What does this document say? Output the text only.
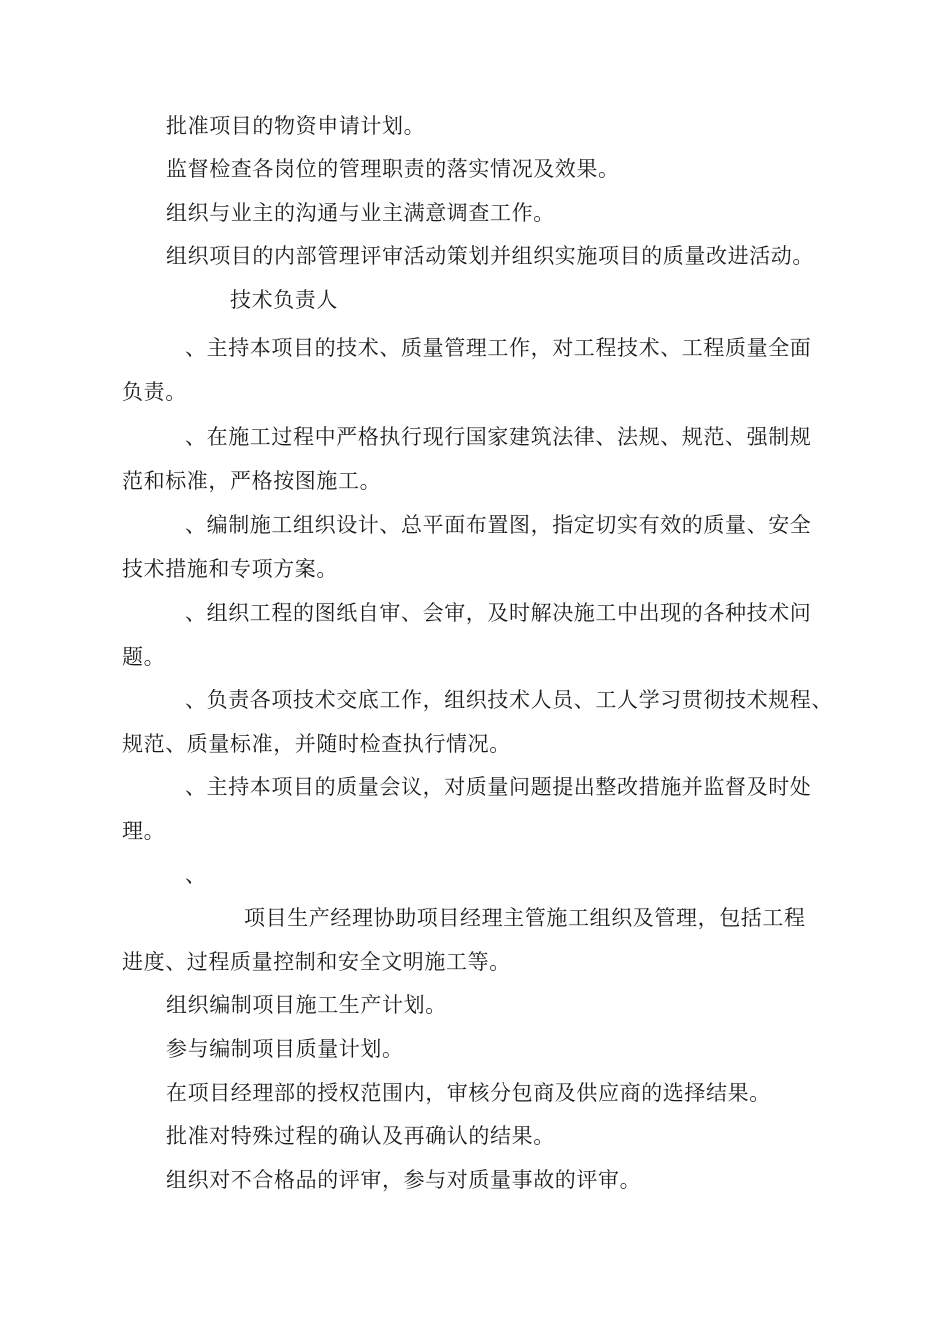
批准项目的物资申请计划。
监督检查各岗位的管理职责的落实情况及效果。
组织与业主的沟通与业主满意调查工作。
组织项目的内部管理评审活动策划并组织实施项目的质量改进活动。
技术负责人
、主持本项目的技术、质量管理工作，对工程技术、工程质量全面
负责。
、在施工过程中严格执行现行国家建筑法律、法规、规范、强制规
范和标准，严格按图施工。
、编制施工组织设计、总平面布置图，指定切实有效的质量、安全
技术措施和专项方案。
、组织工程的图纸自审、会审，及时解决施工中出现的各种技术问
题。
、负责各项技术交底工作，组织技术人员、工人学习贯彻技术规程、
规范、质量标准，并随时检查执行情况。
、主持本项目的质量会议，对质量问题提出整改措施并监督及时处
理。
、
项目生产经理协助项目经理主管施工组织及管理，包括工程
进度、过程质量控制和安全文明施工等。
组织编制项目施工生产计划。
参与编制项目质量计划。
在项目经理部的授权范围内，审核分包商及供应商的选择结果。
批准对特殊过程的确认及再确认的结果。
组织对不合格品的评审，参与对质量事故的评审。
